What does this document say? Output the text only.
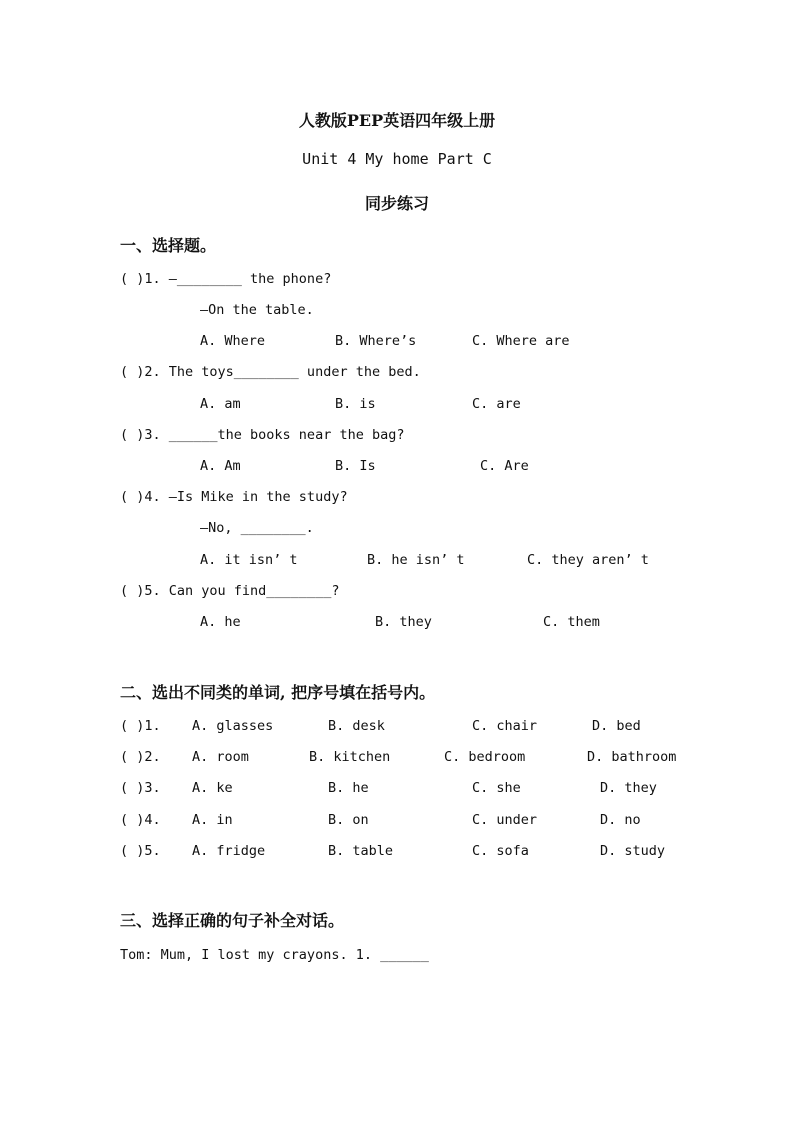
人教版PEP英语四年级上册
Unit 4 My home Part C
同步练习
一、选择题。
( )1. —________ the phone?
—On the table.
A. Where	B. Where’s	C. Where are
( )2. The toys________ under the bed.
A. am	B. is	C. are
( )3. ______the books near the bag?
A. Am	B. Is	C. Are
( )4. —Is Mike in the study?
—No, ________.
A. it isn’ t	B. he isn’ t	C. they aren’ t
( )5. Can you find________?
A. he	B. they	C. them
二、选出不同类的单词, 把序号填在括号内。
( )1. A. glasses	B. desk	C. chair	D. bed
( )2. A. room	B. kitchen	C. bedroom	D. bathroom
( )3. A. ke	B. he	C. she	D. they
( )4. A. in	B. on	C. under	D. no
( )5. A. fridge	B. table	C. sofa	D. study
三、选择正确的句子补全对话。
Tom: Mum, I lost my crayons. 1. ______
